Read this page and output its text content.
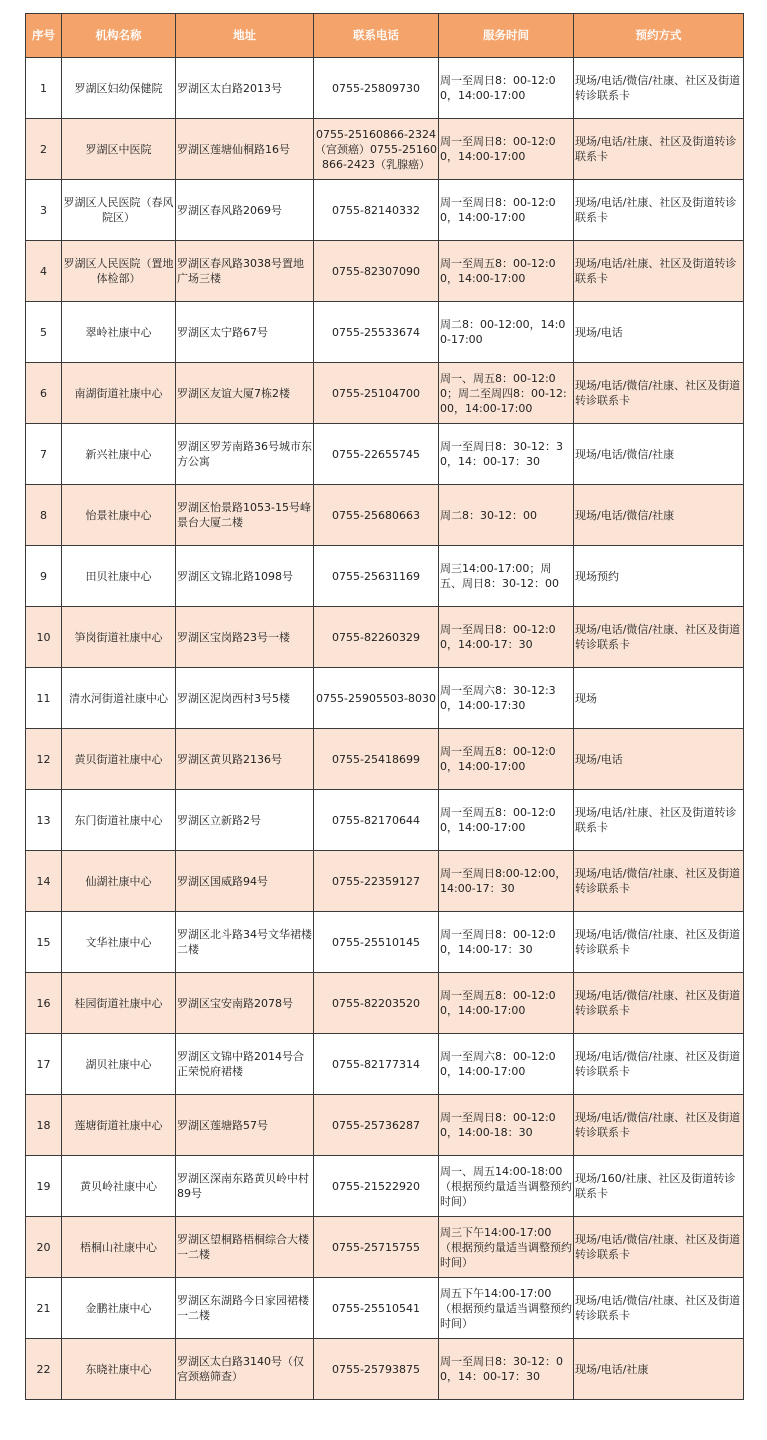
序号	机构名称	地址	联系电话	服务时间	预约方式
1	罗湖区妇幼保健院	罗湖区太白路2013号	0755-25809730	周一至周日8：00-12:00，14:00-17:00	现场/电话/微信/社康、社区及街道转诊联系卡
2	罗湖区中医院	罗湖区莲塘仙桐路16号	0755-25160866-2324（宫颈癌）0755-25160866-2423（乳腺癌）	周一至周日8：00-12:00，14:00-17:00	现场/电话/社康、社区及街道转诊联系卡
3	罗湖区人民医院（春风院区）	罗湖区春风路2069号	0755-82140332	周一至周日8：00-12:00，14:00-17:00	现场/电话/社康、社区及街道转诊联系卡
4	罗湖区人民医院（置地体检部）	罗湖区春风路3038号置地广场三楼	0755-82307090	周一至周五8：00-12:00，14:00-17:00	现场/电话/社康、社区及街道转诊联系卡
5	翠岭社康中心	罗湖区太宁路67号	0755-25533674	周二8：00-12:00，14:00-17:00	现场/电话
6	南湖街道社康中心	罗湖区友谊大厦7栋2楼	0755-25104700	周一、周五8：00-12:00；周二至周四8：00-12:00，14:00-17:00	现场/电话/微信/社康、社区及街道转诊联系卡
7	新兴社康中心	罗湖区罗芳南路36号城市东方公寓	0755-22655745	周一至周日8：30-12：30，14：00-17：30	现场/电话/微信/社康
8	怡景社康中心	罗湖区怡景路1053-15号峰景台大厦二楼	0755-25680663	周二8：30-12：00	现场/电话/微信/社康
9	田贝社康中心	罗湖区文锦北路1098号	0755-25631169	周三14:00-17:00；周五、周日8：30-12：00	现场预约
10	笋岗街道社康中心	罗湖区宝岗路23号一楼	0755-82260329	周一至周日8：00-12:00，14:00-17：30	现场/电话/微信/社康、社区及街道转诊联系卡
11	清水河街道社康中心	罗湖区泥岗西村3号5楼	0755-25905503-8030	周一至周六8：30-12:30，14:00-17:30	现场
12	黄贝街道社康中心	罗湖区黄贝路2136号	0755-25418699	周一至周五8：00-12:00，14:00-17:00	现场/电话
13	东门街道社康中心	罗湖区立新路2号	0755-82170644	周一至周五8：00-12:00，14:00-17:00	现场/电话/社康、社区及街道转诊联系卡
14	仙湖社康中心	罗湖区国威路94号	0755-22359127	周一至周日8:00-12:00，14:00-17：30	现场/电话/微信/社康、社区及街道转诊联系卡
15	文华社康中心	罗湖区北斗路34号文华裙楼二楼	0755-25510145	周一至周日8：00-12:00，14:00-17：30	现场/电话/微信/社康、社区及街道转诊联系卡
16	桂园街道社康中心	罗湖区宝安南路2078号	0755-82203520	周一至周五8：00-12:00，14:00-17:00	现场/电话/微信/社康、社区及街道转诊联系卡
17	湖贝社康中心	罗湖区文锦中路2014号合正荣悦府裙楼	0755-82177314	周一至周六8：00-12:00，14:00-17:00	现场/电话/微信/社康、社区及街道转诊联系卡
18	莲塘街道社康中心	罗湖区莲塘路57号	0755-25736287	周一至周日8：00-12:00，14:00-18：30	现场/电话/微信/社康、社区及街道转诊联系卡
19	黄贝岭社康中心	罗湖区深南东路黄贝岭中村89号	0755-21522920	周一、周五14:00-18:00（根据预约量适当调整预约时间）	现场/160/社康、社区及街道转诊联系卡
20	梧桐山社康中心	罗湖区望桐路梧桐综合大楼一二楼	0755-25715755	周三下午14:00-17:00（根据预约量适当调整预约时间）	现场/电话/微信/社康、社区及街道转诊联系卡
21	金鹏社康中心	罗湖区东湖路今日家园裙楼一二楼	0755-25510541	周五下午14:00-17:00（根据预约量适当调整预约时间）	现场/电话/微信/社康、社区及街道转诊联系卡
22	东晓社康中心	罗湖区太白路3140号（仅宫颈癌筛查）	0755-25793875	周一至周日8：30-12：00，14：00-17：30	现场/电话/社康
